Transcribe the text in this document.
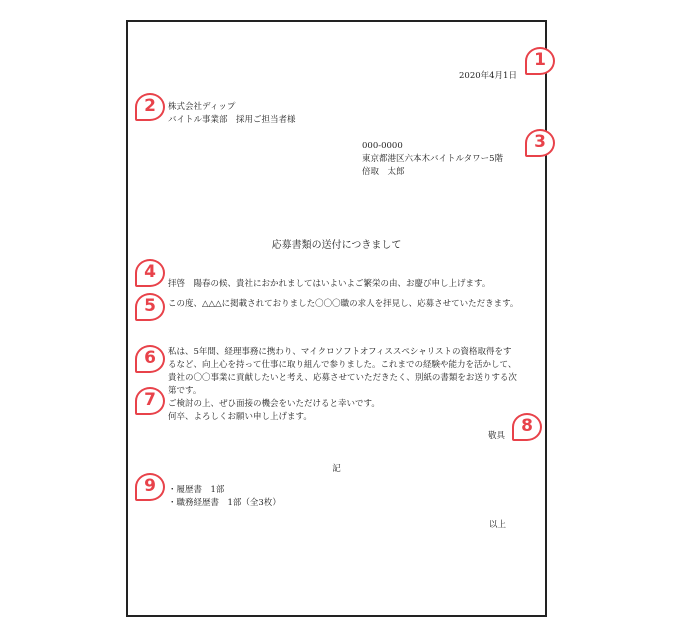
2020年4月1日
株式会社ディップ
バイトル事業部　採用ご担当者様
000-0000
東京都港区六本木バイトルタワー5階
倍取　太郎
応募書類の送付につきまして
拝啓　陽春の候、貴社におかれましてはいよいよご繁栄の由、お慶び申し上げます。
この度、△△△に掲載されておりました〇〇〇職の求人を拝見し、応募させていただきます。
私は、5年間、経理事務に携わり、マイクロソフトオフィススペシャリストの資格取得をするなど、向上心を持って仕事に取り組んで参りました。これまでの経験や能力を活かして、貴社の〇〇事業に貢献したいと考え、応募させていただきたく、別紙の書類をお送りする次第です。
ご検討の上、ぜひ面接の機会をいただけると幸いです。
何卒、よろしくお願い申し上げます。
敬具
記
・履歴書　1部
・職務経歴書　1部（全3枚）
以上
1
2
3
4
5
6
7
8
9
